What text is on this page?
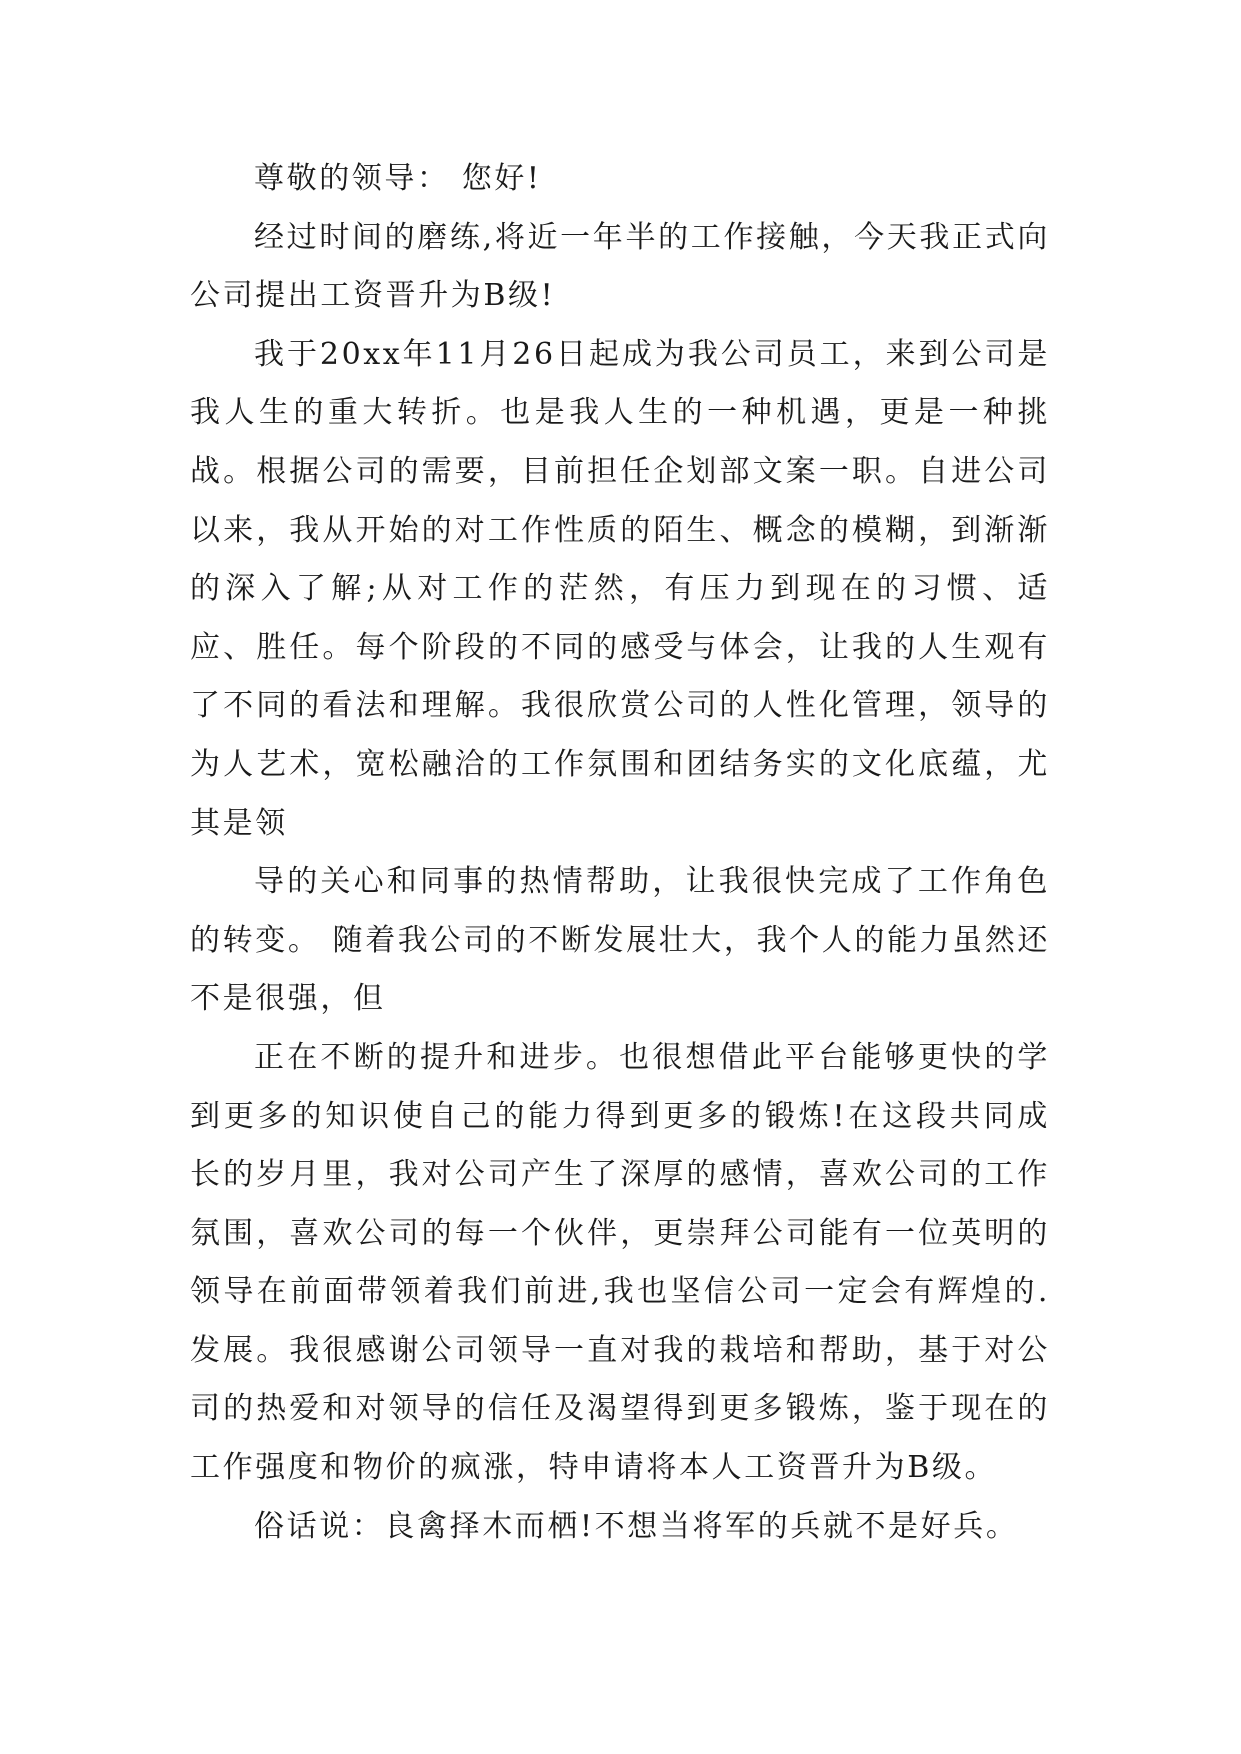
尊敬的领导： 您好!

经过时间的磨练,将近一年半的工作接触，今天我正式向公司提出工资晋升为B级!

我于20xx年11月26日起成为我公司员工，来到公司是我人生的重大转折。也是我人生的一种机遇，更是一种挑战。根据公司的需要，目前担任企划部文案一职。自进公司以来，我从开始的对工作性质的陌生、概念的模糊，到渐渐的深入了解;从对工作的茫然，有压力到现在的习惯、适应、胜任。每个阶段的不同的感受与体会，让我的人生观有了不同的看法和理解。我很欣赏公司的人性化管理，领导的为人艺术，宽松融洽的工作氛围和团结务实的文化底蕴，尤其是领

导的关心和同事的热情帮助，让我很快完成了工作角色的转变。 随着我公司的不断发展壮大，我个人的能力虽然还不是很强，但

正在不断的提升和进步。也很想借此平台能够更快的学到更多的知识使自己的能力得到更多的锻炼!在这段共同成长的岁月里，我对公司产生了深厚的感情，喜欢公司的工作氛围，喜欢公司的每一个伙伴，更崇拜公司能有一位英明的领导在前面带领着我们前进,我也坚信公司一定会有辉煌的.发展。我很感谢公司领导一直对我的栽培和帮助，基于对公司的热爱和对领导的信任及渴望得到更多锻炼，鉴于现在的工作强度和物价的疯涨，特申请将本人工资晋升为B级。

俗话说：良禽择木而栖!不想当将军的兵就不是好兵。
